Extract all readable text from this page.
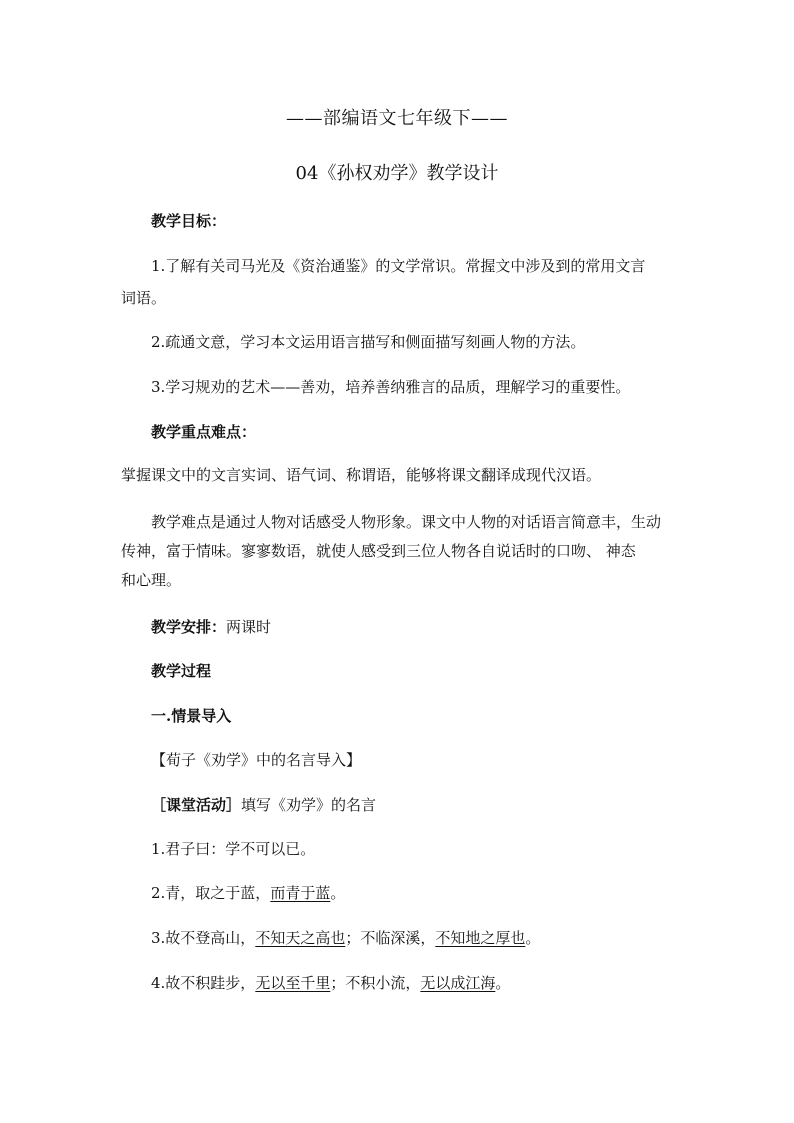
——部编语文七年级下——
04《孙权劝学》教学设计
教学目标：
1.了解有关司马光及《资治通鉴》的文学常识。常握文中涉及到的常用文言
词语。
2.疏通文意，学习本文运用语言描写和侧面描写刻画人物的方法。
3.学习规劝的艺术——善劝，培养善纳雅言的品质，理解学习的重要性。
教学重点难点：
掌握课文中的文言实词、语气词、称谓语，能够将课文翻译成现代汉语。
教学难点是通过人物对话感受人物形象。课文中人物的对话语言简意丰，生动
传神，富于情味。寥寥数语，就使人感受到三位人物各自说话时的口吻、 神态
和心理。
教学安排：两课时
教学过程
一.情景导入
【荀子《劝学》中的名言导入】
［课堂活动］填写《劝学》的名言
1.君子曰：学不可以已。
2.青，取之于蓝，而青于蓝。
3.故不登高山，不知天之高也；不临深溪，不知地之厚也。
4.故不积跬步，无以至千里；不积小流，无以成江海。
